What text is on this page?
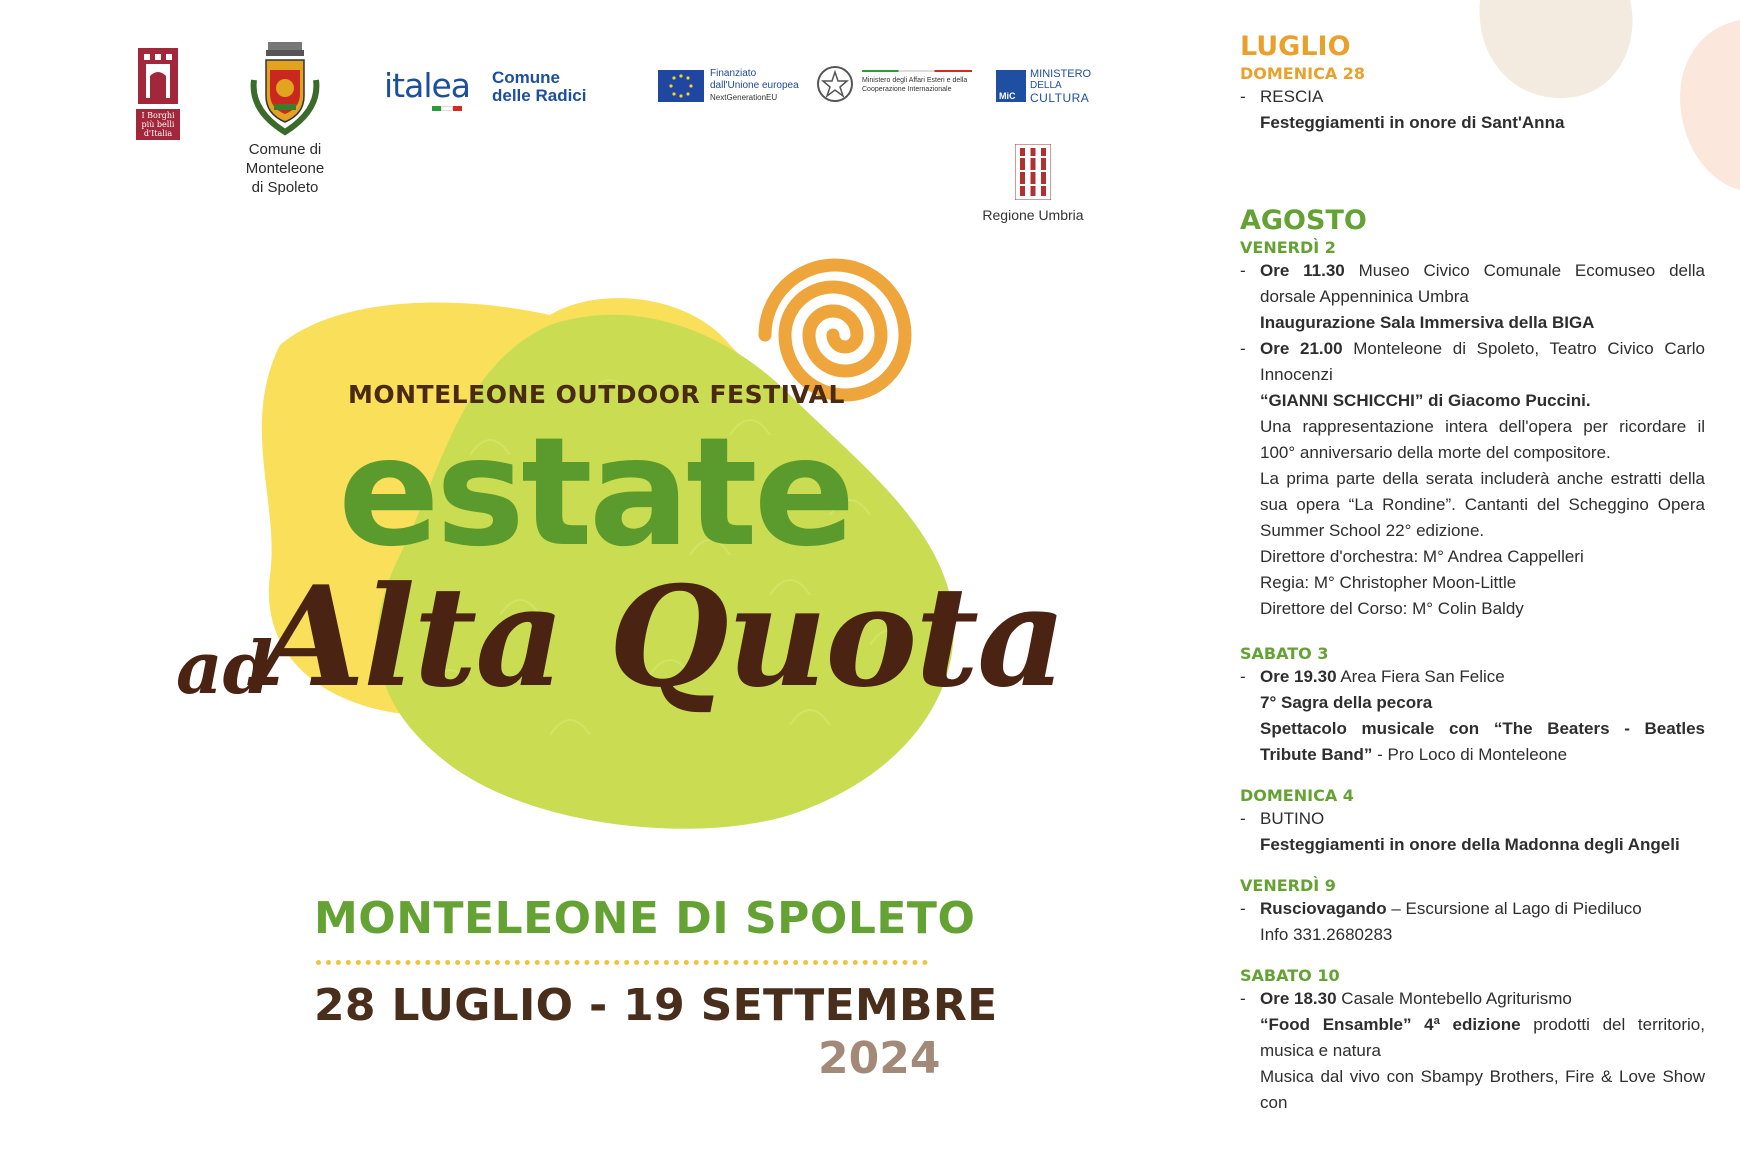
I Borghi più belli d'Italia
Comune di
Monteleone
di Spoleto
italea Comune
delle Radici
Finanziato
dall'Unione europea
NextGenerationEU
Ministero degli Affari Esteri e della Cooperazione Internazionale
MiC
MINISTERO
DELLA
CULTURA
Regione Umbria
MONTELEONE OUTDOOR FESTIVAL
estate
ad
Alta Quota
MONTELEONE DI SPOLETO
28 LUGLIO - 19 SETTEMBRE
2024
LUGLIO
DOMENICA 28
- RESCIA
Festeggiamenti in onore di Sant'Anna
AGOSTO
VENERDÌ 2
- Ore 11.30 Museo Civico Comunale Ecomuseo della dorsale Appenninica Umbra
Inaugurazione Sala Immersiva della BIGA
- Ore 21.00 Monteleone di Spoleto, Teatro Civico Carlo Innocenzi
“GIANNI SCHICCHI” di Giacomo Puccini.
Una rappresentazione intera dell'opera per ricordare il 100° anniversario della morte del compositore.
La prima parte della serata includerà anche estratti della sua opera “La Rondine”. Cantanti del Scheggino Opera Summer School 22° edizione.
Direttore d'orchestra: M° Andrea Cappelleri
Regia: M° Christopher Moon-Little
Direttore del Corso: M° Colin Baldy
SABATO 3
- Ore 19.30 Area Fiera San Felice
7° Sagra della pecora
Spettacolo musicale con “The Beaters - Beatles Tribute Band” - Pro Loco di Monteleone
DOMENICA 4
- BUTINO
Festeggiamenti in onore della Madonna degli Angeli
VENERDÌ 9
- Rusciovagando – Escursione al Lago di Piediluco
Info 331.2680283
SABATO 10
- Ore 18.30 Casale Montebello Agriturismo
“Food Ensamble” 4ª edizione prodotti del territorio, musica e natura
Musica dal vivo con Sbampy Brothers, Fire & Love Show con
